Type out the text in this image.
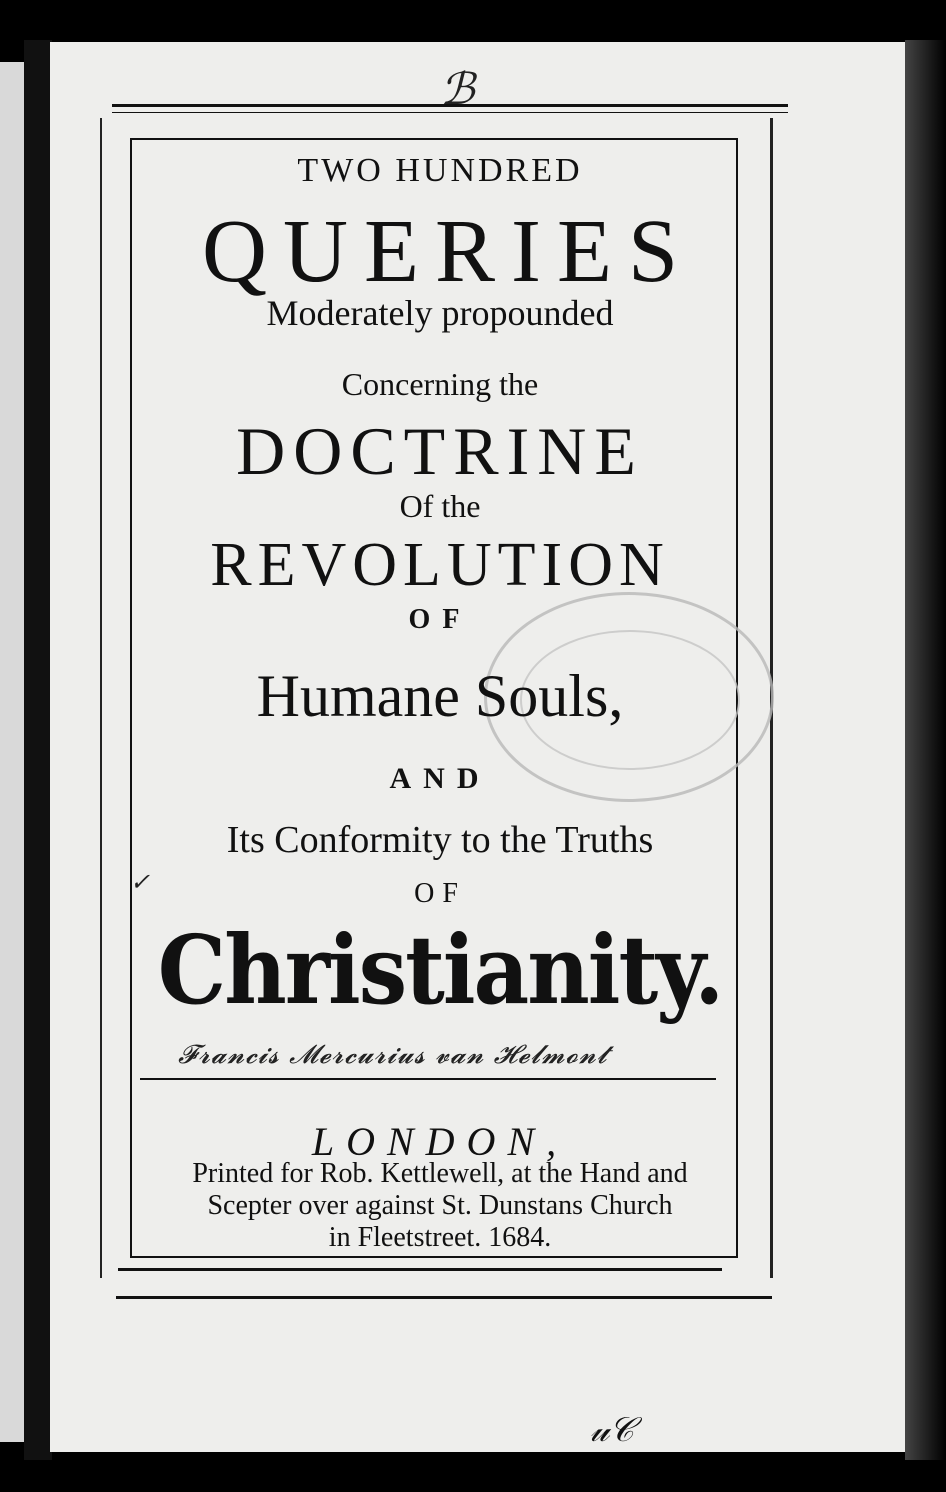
ℬ
✓
𝓕𝓻𝓪𝓷𝓬𝓲𝓼 𝓜𝓮𝓻𝓬𝓾𝓻𝓲𝓾𝓼 𝓿𝓪𝓷 𝓗𝓮𝓵𝓶𝓸𝓷𝓽
𝓊𝒞
TWO HUNDRED
QUERIES
Moderately propounded
Concerning the
DOCTRINE
Of the
REVOLUTION
OF
Humane Souls,
AND
Its Conformity to the Truths
OF
Christianity.
LONDON,
Printed for Rob. Kettlewell, at the Hand and
Scepter over against St. Dunstans Church
in Fleetstreet. 1684.
